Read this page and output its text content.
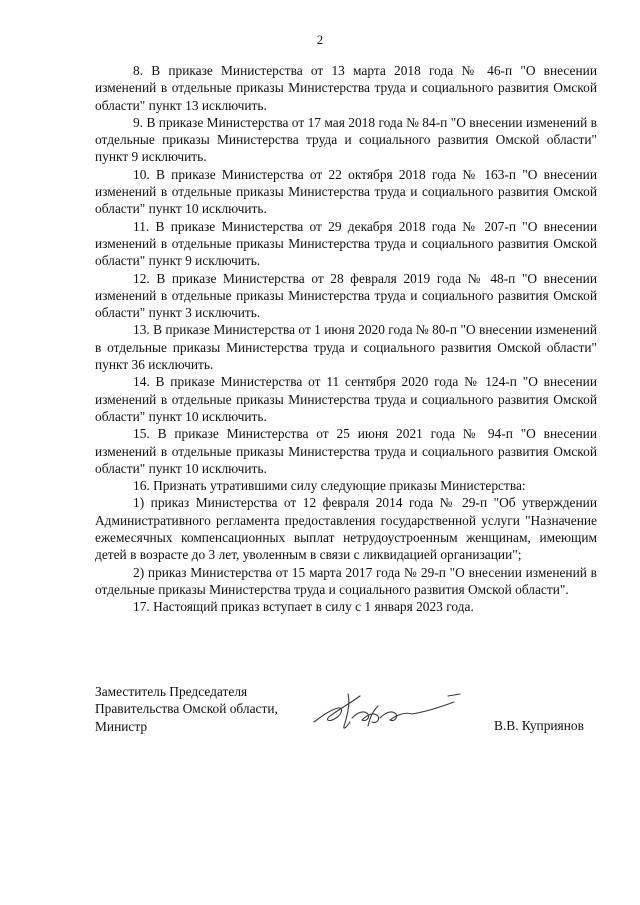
2

8. В приказе Министерства от 13 марта 2018 года № 46-п "О внесении изменений в отдельные приказы Министерства труда и социального развития Омской области" пункт 13 исключить.

9. В приказе Министерства от 17 мая 2018 года № 84-п "О внесении изменений в отдельные приказы Министерства труда и социального развития Омской области" пункт 9 исключить.

10. В приказе Министерства от 22 октября 2018 года № 163-п "О внесении изменений в отдельные приказы Министерства труда и социального развития Омской области" пункт 10 исключить.

11. В приказе Министерства от 29 декабря 2018 года № 207-п "О внесении изменений в отдельные приказы Министерства труда и социального развития Омской области" пункт 9 исключить.

12. В приказе Министерства от 28 февраля 2019 года № 48-п "О внесении изменений в отдельные приказы Министерства труда и социального развития Омской области" пункт 3 исключить.

13. В приказе Министерства от 1 июня 2020 года № 80-п "О внесении изменений в отдельные приказы Министерства труда и социального развития Омской области" пункт 36 исключить.

14. В приказе Министерства от 11 сентября 2020 года № 124-п "О внесении изменений в отдельные приказы Министерства труда и социального развития Омской области" пункт 10 исключить.

15. В приказе Министерства от 25 июня 2021 года № 94-п "О внесении изменений в отдельные приказы Министерства труда и социального развития Омской области" пункт 10 исключить.

16. Признать утратившими силу следующие приказы Министерства:

1) приказ Министерства от 12 февраля 2014 года № 29-п "Об утверждении Административного регламента предоставления государственной услуги "Назначение ежемесячных компенсационных выплат нетрудоустроенным женщинам, имеющим детей в возрасте до 3 лет, уволенным в связи с ликвидацией организации";

2) приказ Министерства от 15 марта 2017 года № 29-п "О внесении изменений в отдельные приказы Министерства труда и социального развития Омской области".

17. Настоящий приказ вступает в силу с 1 января 2023 года.

Заместитель Председателя
Правительства Омской области,
Министр	В.В. Куприянов
